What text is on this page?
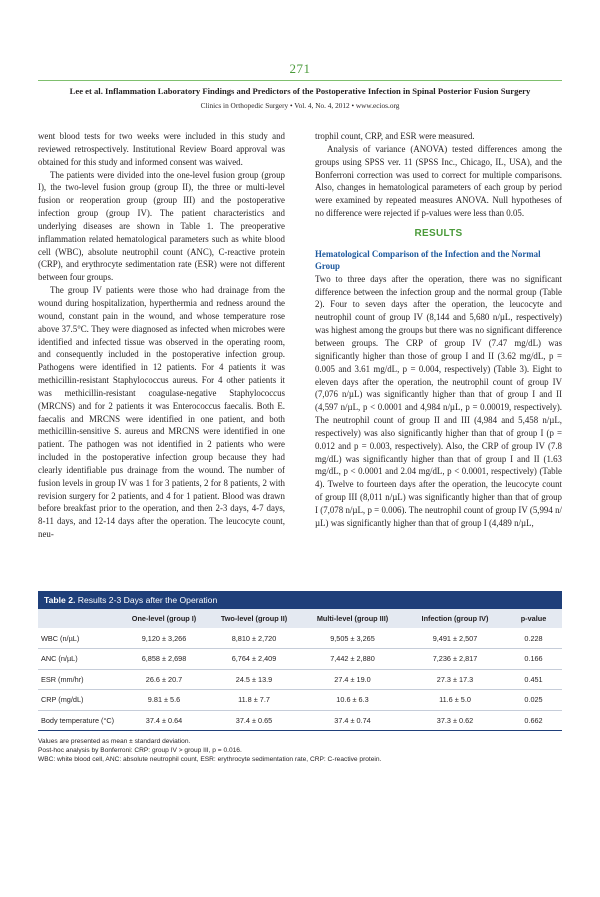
271
Lee et al. Inflammation Laboratory Findings and Predictors of the Postoperative Infection in Spinal Posterior Fusion Surgery
Clinics in Orthopedic Surgery • Vol. 4, No. 4, 2012 • www.ecios.org

went blood tests for two weeks were included in this study and reviewed retrospectively. Institutional Review Board approval was obtained for this study and informed consent was waived.

The patients were divided into the one-level fusion group (group I), the two-level fusion group (group II), the three or multi-level fusion or reoperation group (group III) and the postoperative infection group (group IV). The patient characteristics and underlying diseases are shown in Table 1. The preoperative inflammation related hematological parameters such as white blood cell (WBC), absolute neutrophil count (ANC), C-reactive protein (CRP), and erythrocyte sedimentation rate (ESR) were not different between four groups.

The group IV patients were those who had drainage from the wound during hospitalization, hyperthermia and redness around the wound, constant pain in the wound, and whose temperature rose above 37.5°C. They were diagnosed as infected when microbes were identified and infected tissue was observed in the operating room, and consequently included in the postoperative infection group. Pathogens were identified in 12 patients. For 4 patients it was methicillin-resistant Staphylococcus aureus. For 4 other patients it was methicillin-resistant coagulase-negative Staphylococcus (MRCNS) and for 2 patients it was Enterococcus faecalis. Both E. faecalis and MRCNS were identified in one patient, and both methicillin-sensitive S. aureus and MRCNS were identified in one patient. The pathogen was not identified in 2 patients who were included in the postoperative infection group because they had clearly identifiable pus drainage from the wound. The number of fusion levels in group IV was 1 for 3 patients, 2 for 8 patients, 2 with revision surgery for 2 patients, and 4 for 1 patient. Blood was drawn before breakfast prior to the operation, and then 2-3 days, 4-7 days, 8-11 days, and 12-14 days after the operation. The leucocyte count, neu-

trophil count, CRP, and ESR were measured.

Analysis of variance (ANOVA) tested differences among the groups using SPSS ver. 11 (SPSS Inc., Chicago, IL, USA), and the Bonferroni correction was used to correct for multiple comparisons. Also, changes in hematological parameters of each group by period were examined by repeated measures ANOVA. Null hypotheses of no difference were rejected if p-values were less than 0.05.

RESULTS
Hematological Comparison of the Infection and the Normal Group

Two to three days after the operation, there was no significant difference between the infection group and the normal group (Table 2). Four to seven days after the operation, the leucocyte and neutrophil count of group IV (8,144 and 5,680 n/µL, respectively) was highest among the groups but there was no significant difference between groups. The CRP of group IV (7.47 mg/dL) was significantly higher than those of group I and II (3.62 mg/dL, p = 0.005 and 3.61 mg/dL, p = 0.004, respectively) (Table 3). Eight to eleven days after the operation, the neutrophil count of group IV (7,076 n/µL) was significantly higher than that of group I and II (4,597 n/µL, p < 0.0001 and 4,984 n/µL, p = 0.00019, respectively). The neutrophil count of group II and III (4,984 and 5,458 n/µL, respectively) was also significantly higher than that of group I (p = 0.012 and p = 0.003, respectively). Also, the CRP of group IV (7.8 mg/dL) was significantly higher than that of group I and II (1.63 mg/dL, p < 0.0001 and 2.04 mg/dL, p < 0.0001, respectively) (Table 4). Twelve to fourteen days after the operation, the leucocyte count of group III (8,011 n/µL) was significantly higher than that of group I (7,078 n/µL, p = 0.006). The neutrophil count of group IV (5,994 n/µL) was significantly higher than that of group I (4,489 n/µL,

Table 2. Results 2-3 Days after the Operation
	One-level (group I)	Two-level (group II)	Multi-level (group III)	Infection (group IV)	p-value
WBC (n/µL)	9,120 ± 3,266	8,810 ± 2,720	9,505 ± 3,265	9,491 ± 2,507	0.228
ANC (n/µL)	6,858 ± 2,698	6,764 ± 2,409	7,442 ± 2,880	7,236 ± 2,817	0.166
ESR (mm/hr)	26.6 ± 20.7	24.5 ± 13.9	27.4 ± 19.0	27.3 ± 17.3	0.451
CRP (mg/dL)	9.81 ± 5.6	11.8 ± 7.7	10.6 ± 6.3	11.6 ± 5.0	0.025
Body temperature (°C)	37.4 ± 0.64	37.4 ± 0.65	37.4 ± 0.74	37.3 ± 0.62	0.662
Values are presented as mean ± standard deviation.
Post-hoc analysis by Bonferroni: CRP: group IV > group III, p = 0.016.
WBC: white blood cell, ANC: absolute neutrophil count, ESR: erythrocyte sedimentation rate, CRP: C-reactive protein.
